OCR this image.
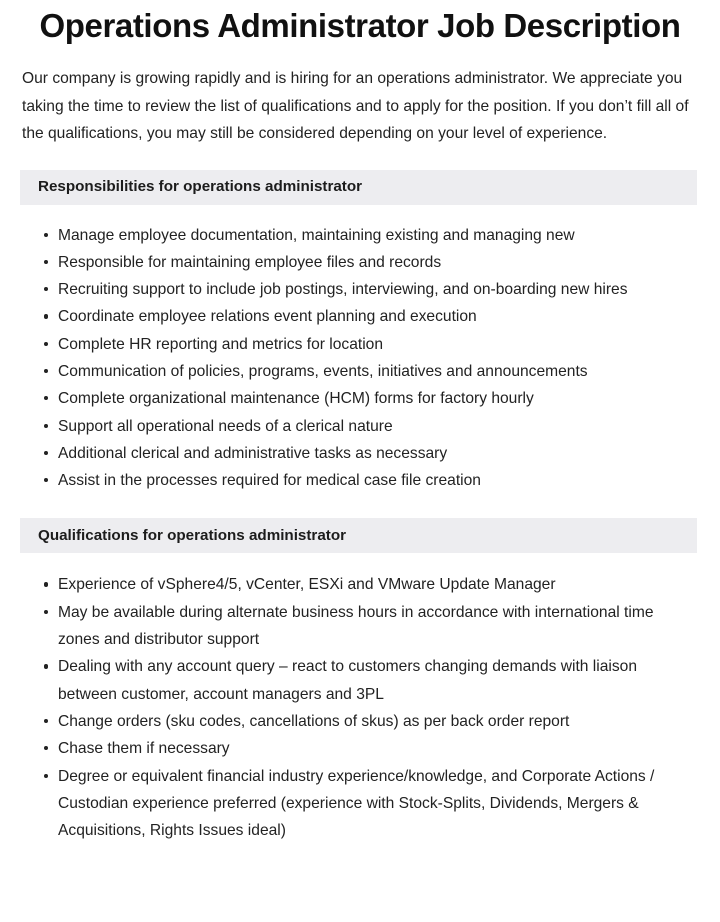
Operations Administrator Job Description

Our company is growing rapidly and is hiring for an operations administrator. We appreciate you taking the time to review the list of qualifications and to apply for the position. If you don’t fill all of the qualifications, you may still be considered depending on your level of experience.

Responsibilities for operations administrator
Manage employee documentation, maintaining existing and managing new
Responsible for maintaining employee files and records
Recruiting support to include job postings, interviewing, and on-boarding new hires
Coordinate employee relations event planning and execution
Complete HR reporting and metrics for location
Communication of policies, programs, events, initiatives and announcements
Complete organizational maintenance (HCM) forms for factory hourly
Support all operational needs of a clerical nature
Additional clerical and administrative tasks as necessary
Assist in the processes required for medical case file creation
Qualifications for operations administrator
Experience of vSphere4/5, vCenter, ESXi and VMware Update Manager
May be available during alternate business hours in accordance with international time zones and distributor support
Dealing with any account query – react to customers changing demands with liaison between customer, account managers and 3PL
Change orders (sku codes, cancellations of skus) as per back order report
Chase them if necessary
Degree or equivalent financial industry experience/knowledge, and Corporate Actions / Custodian experience preferred (experience with Stock-Splits, Dividends, Mergers & Acquisitions, Rights Issues ideal)
